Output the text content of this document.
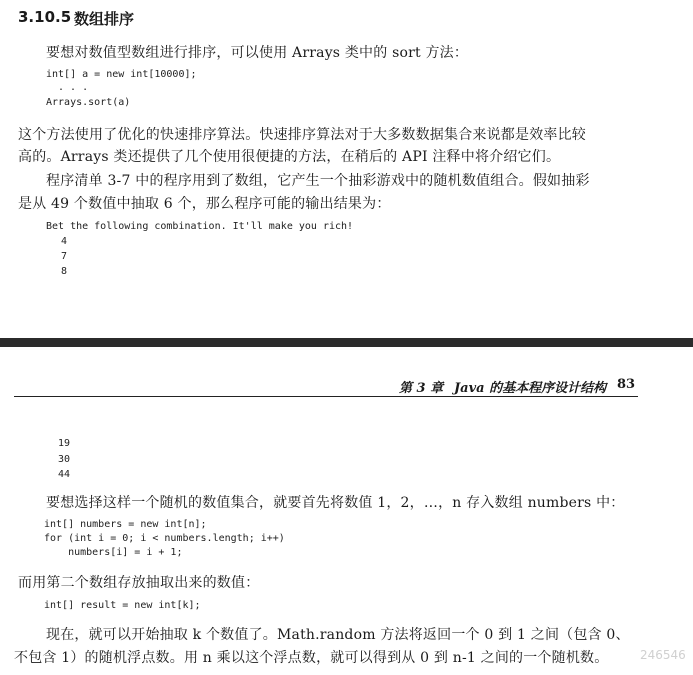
3.10.5 数组排序
要想对数值型数组进行排序，可以使用 Arrays 类中的 sort 方法：
int[] a = new int[10000];
. . .
Arrays.sort(a)
这个方法使用了优化的快速排序算法。快速排序算法对于大多数数据集合来说都是效率比较
高的。Arrays 类还提供了几个使用很便捷的方法，在稍后的 API 注释中将介绍它们。
程序清单 3-7 中的程序用到了数组，它产生一个抽彩游戏中的随机数值组合。假如抽彩
是从 49 个数值中抽取 6 个，那么程序可能的输出结果为：
Bet the following combination. It'll make you rich!
4
7
8
第 3 章 Java 的基本程序设计结构 83
19
30
44
要想选择这样一个随机的数值集合，就要首先将数值 1，2，…，n 存入数组 numbers 中：
int[] numbers = new int[n];
for (int i = 0; i < numbers.length; i++)
numbers[i] = i + 1;
而用第二个数组存放抽取出来的数值：
int[] result = new int[k];
现在，就可以开始抽取 k 个数值了。Math.random 方法将返回一个 0 到 1 之间（包含 0、
不包含 1）的随机浮点数。用 n 乘以这个浮点数，就可以得到从 0 到 n-1 之间的一个随机数。	246546
